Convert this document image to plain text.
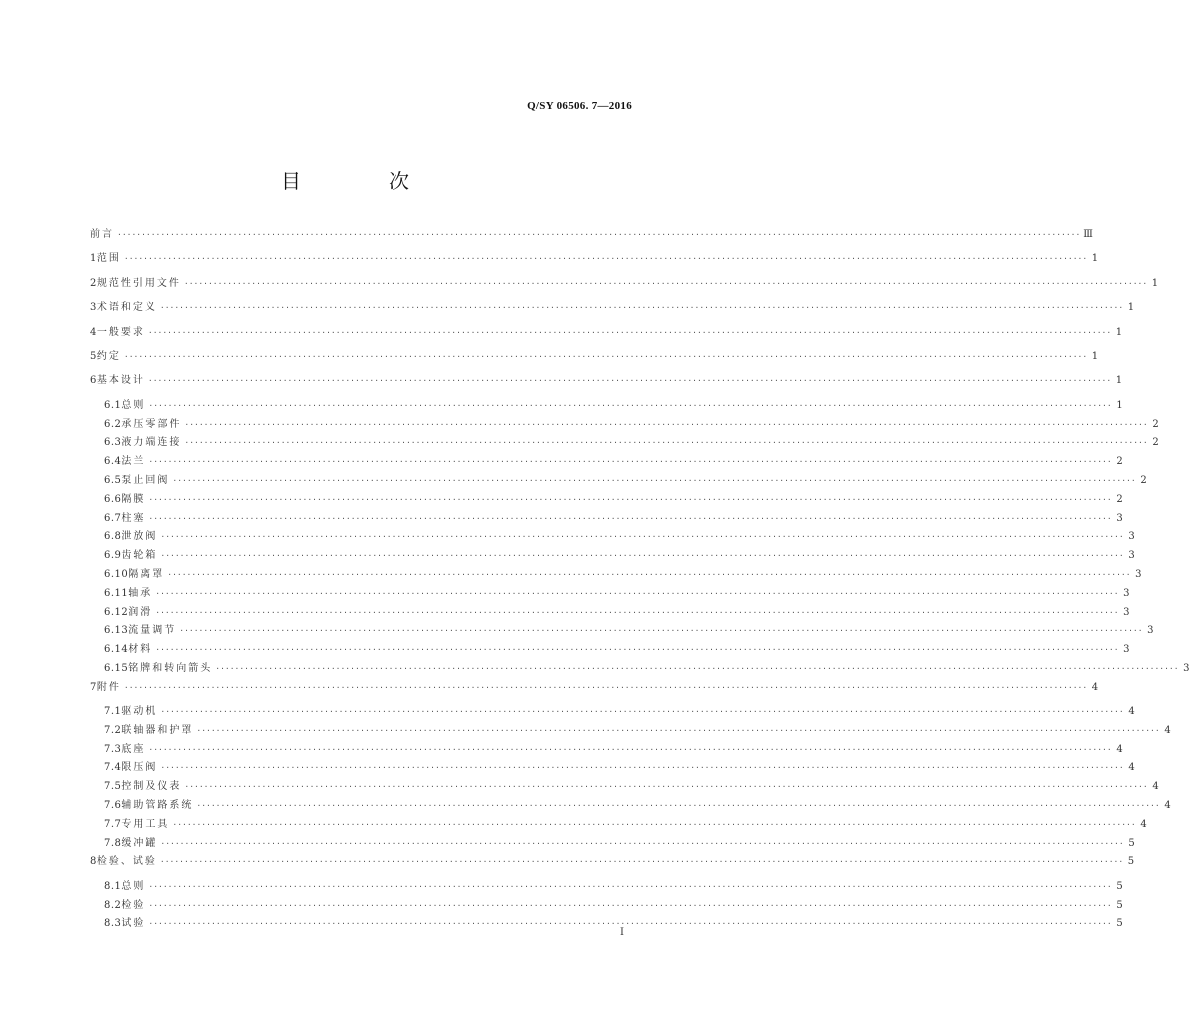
Q/SY 06506. 7—2016
目　次
前言 ········································································································································································································ Ⅲ
1 范围 ········································································································································································································ 1
2 规范性引用文件 ········································································································································································································ 1
3 术语和定义 ········································································································································································································ 1
4 一般要求 ········································································································································································································ 1
5 约定 ········································································································································································································ 1
6 基本设计 ········································································································································································································ 1
6.1 总则 ········································································································································································································ 1
6.2 承压零部件 ········································································································································································································ 2
6.3 液力端连接 ········································································································································································································ 2
6.4 法兰 ········································································································································································································ 2
6.5 泵止回阀 ········································································································································································································ 2
6.6 隔膜 ········································································································································································································ 2
6.7 柱塞 ········································································································································································································ 3
6.8 泄放阀 ········································································································································································································ 3
6.9 齿轮箱 ········································································································································································································ 3
6.10 隔离罩 ········································································································································································································ 3
6.11 轴承 ········································································································································································································ 3
6.12 润滑 ········································································································································································································ 3
6.13 流量调节 ········································································································································································································ 3
6.14 材料 ········································································································································································································ 3
6.15 铭牌和转向箭头 ········································································································································································································ 3
7 附件 ········································································································································································································ 4
7.1 驱动机 ········································································································································································································ 4
7.2 联轴器和护罩 ········································································································································································································ 4
7.3 底座 ········································································································································································································ 4
7.4 限压阀 ········································································································································································································ 4
7.5 控制及仪表 ········································································································································································································ 4
7.6 辅助管路系统 ········································································································································································································ 4
7.7 专用工具 ········································································································································································································ 4
7.8 缓冲罐 ········································································································································································································ 5
8 检验、试验 ········································································································································································································ 5
8.1 总则 ········································································································································································································ 5
8.2 检验 ········································································································································································································ 5
8.3 试验 ········································································································································································································ 5
I
